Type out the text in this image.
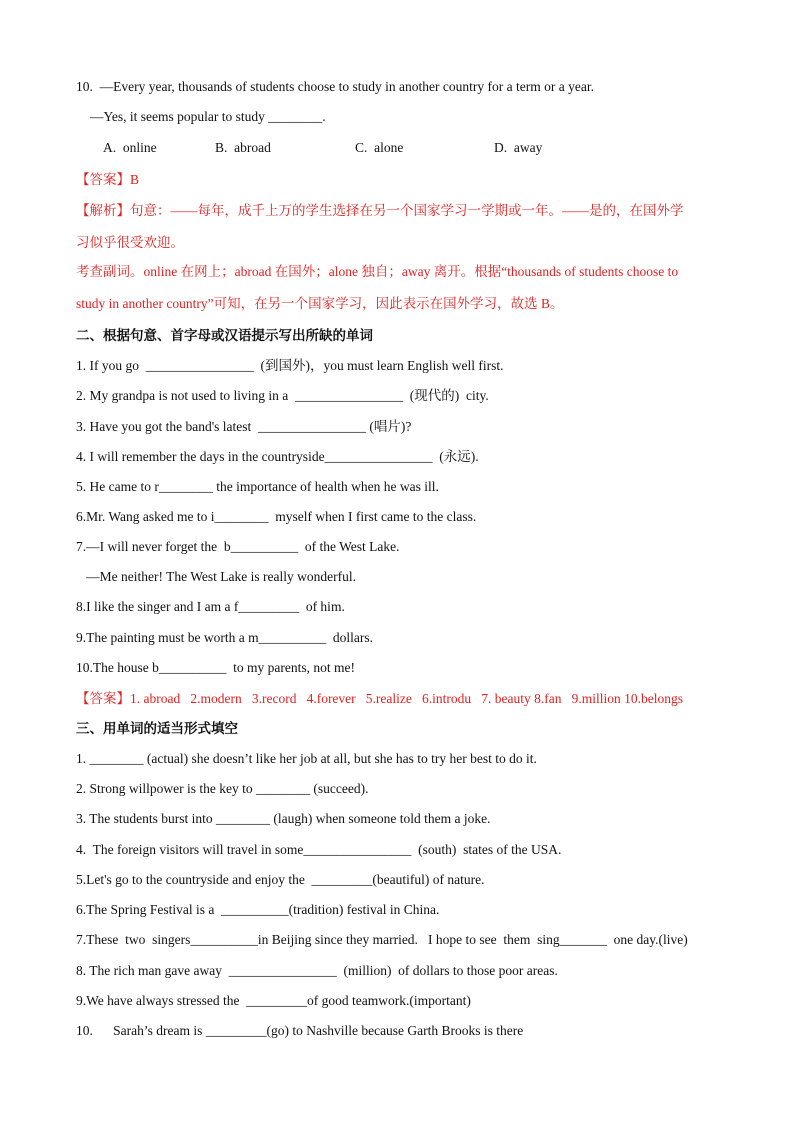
10.  —Every year, thousands of students choose to study in another country for a term or a year.
—Yes, it seems popular to study ________.
A.  online	B.  abroad	C.  alone	D.  away
【答案】B
【解析】句意：——每年，成千上万的学生选择在另一个国家学习一学期或一年。——是的，在国外学
习似乎很受欢迎。
考查副词。online 在网上；abroad 在国外；alone 独自；away 离开。根据“thousands of students choose to
study in another country”可知，在另一个国家学习，因此表示在国外学习，故选 B。
二、根据句意、首字母或汉语提示写出所缺的单词
1. If you go  ________________  (到国外)，you must learn English well first.
2. My grandpa is not used to living in a  ________________  (现代的)  city.
3. Have you got the band's latest  ________________ (唱片)?
4. I will remember the days in the countryside________________  (永远).
5. He came to r________ the importance of health when he was ill.
6.Mr. Wang asked me to i________  myself when I first came to the class.
7.—I will never forget the  b__________  of the West Lake.
—Me neither! The West Lake is really wonderful.
8.I like the singer and I am a f_________  of him.
9.The painting must be worth a m__________  dollars.
10.The house b__________  to my parents, not me!
【答案】1. abroad   2.modern   3.record   4.forever   5.realize   6.introdu   7. beauty 8.fan   9.million 10.belongs
三、用单词的适当形式填空
1. ________ (actual) she doesn’t like her job at all, but she has to try her best to do it.
2. Strong willpower is the key to ________ (succeed).
3. The students burst into ________ (laugh) when someone told them a joke.
4.  The foreign visitors will travel in some________________  (south)  states of the USA.
5.Let's go to the countryside and enjoy the  _________(beautiful) of nature.
6.The Spring Festival is a  __________(tradition) festival in China.
7.These  two  singers__________in Beijing since they married.   I hope to see  them  sing_______  one day.(live)
8. The rich man gave away  ________________  (million)  of dollars to those poor areas.
9.We have always stressed the  _________of good teamwork.(important)
10.      Sarah’s dream is _________(go) to Nashville because Garth Brooks is there
